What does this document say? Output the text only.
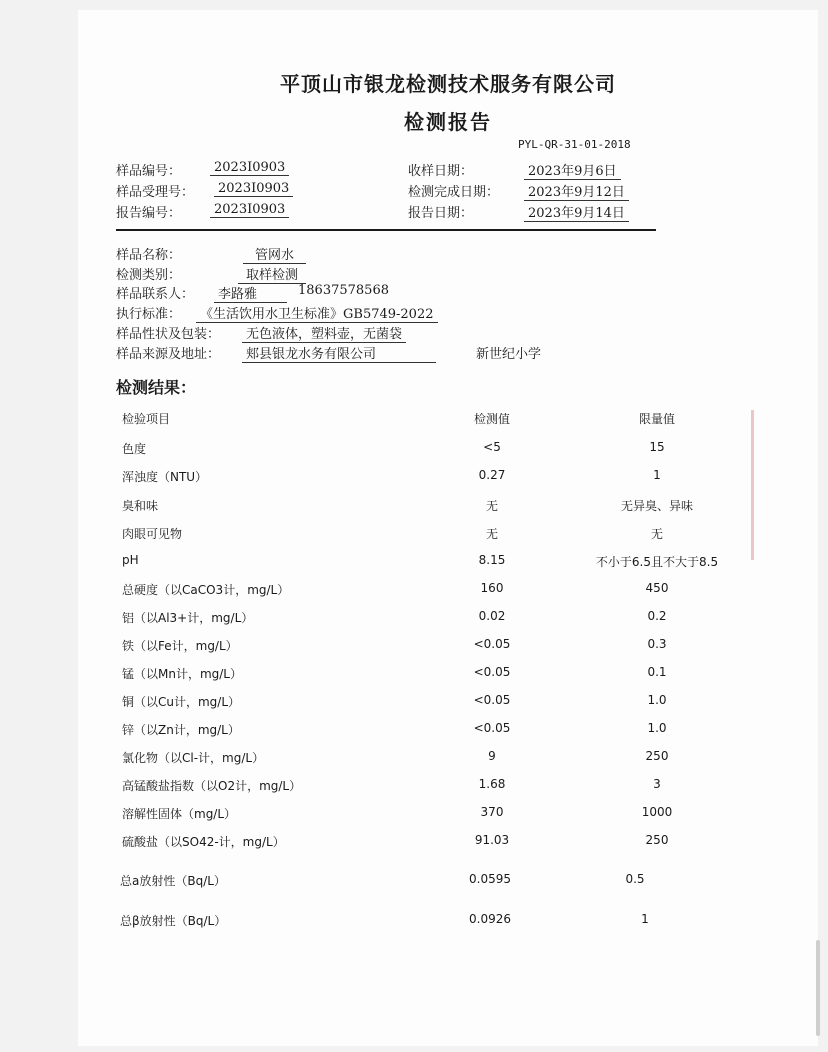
平顶山市银龙检测技术服务有限公司
检测报告
PYL-QR-31-01-2018
样品编号：	2023I0903
样品受理号：	2023I0903
报告编号：	2023I0903
收样日期：	2023年9月6日
检测完成日期：	2023年9月12日
报告日期：	2023年9月14日
样品名称：	管网水
检测类别：	取样检测
样品联系人：	李路雅	18637578568
执行标准：	《生活饮用水卫生标准》GB5749-2022
样品性状及包装：	无色液体，塑料壶，无菌袋
样品来源及地址：	郏县银龙水务有限公司	新世纪小学
检测结果：
检验项目	检测值	限量值
色度	<5	15
浑浊度（NTU）	0.27	1
臭和味	无	无异臭、异味
肉眼可见物	无	无
pH	8.15	不小于6.5且不大于8.5
总硬度（以CaCO3计，mg/L）	160	450
铝（以Al3+计，mg/L）	0.02	0.2
铁（以Fe计，mg/L）	<0.05	0.3
锰（以Mn计，mg/L）	<0.05	0.1
铜（以Cu计，mg/L）	<0.05	1.0
锌（以Zn计，mg/L）	<0.05	1.0
氯化物（以Cl-计，mg/L）	9	250
高锰酸盐指数（以O2计，mg/L）	1.68	3
溶解性固体（mg/L）	370	1000
硫酸盐（以SO42-计，mg/L）	91.03	250
总a放射性（Bq/L）	0.0595	0.5
总β放射性（Bq/L）	0.0926	1
